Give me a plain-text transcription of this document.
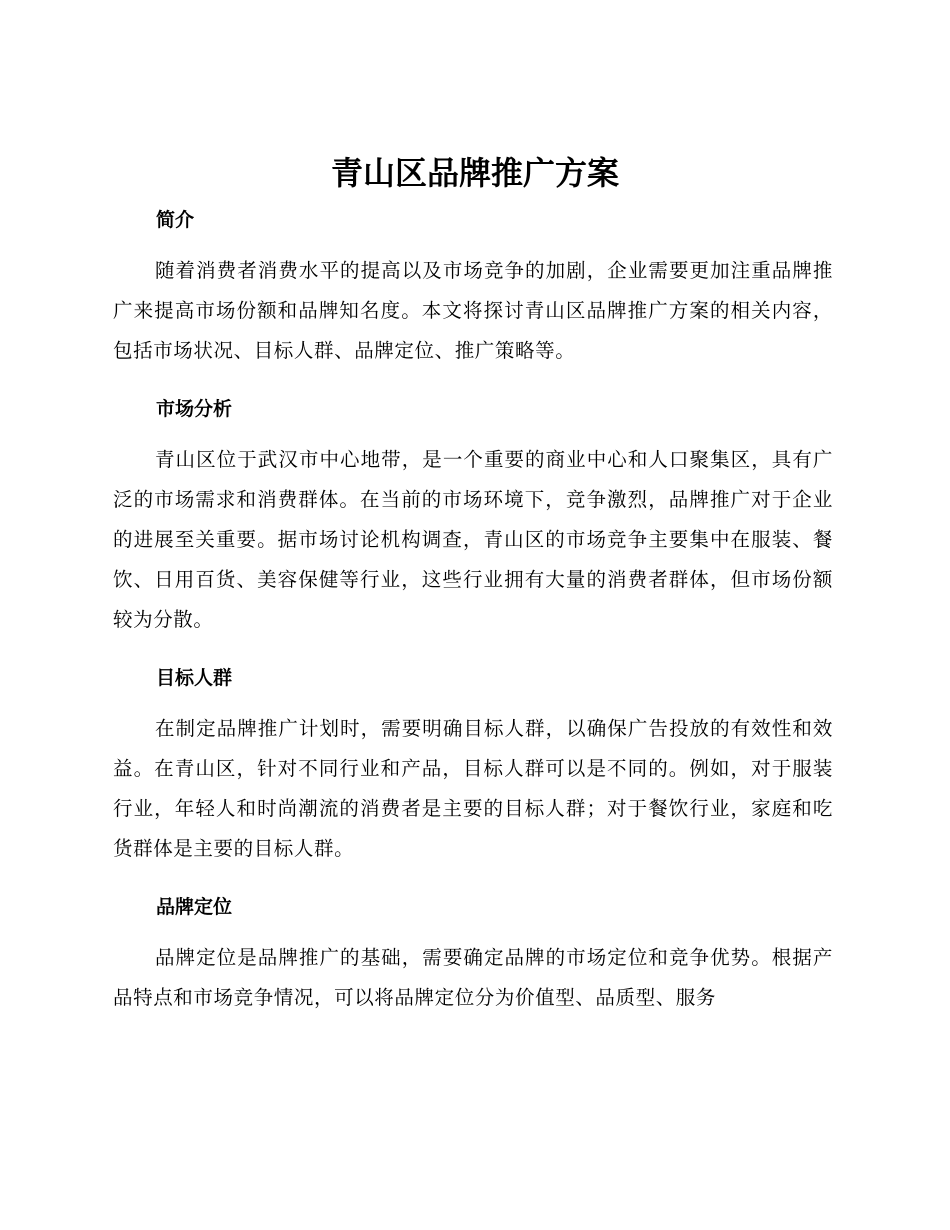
青山区品牌推广方案
简介

随着消费者消费水平的提高以及市场竞争的加剧，企业需要更加注重品牌推广来提高市场份额和品牌知名度。本文将探讨青山区品牌推广方案的相关内容，包括市场状况、目标人群、品牌定位、推广策略等。

市场分析

青山区位于武汉市中心地带，是一个重要的商业中心和人口聚集区，具有广泛的市场需求和消费群体。在当前的市场环境下，竞争激烈，品牌推广对于企业的进展至关重要。据市场讨论机构调查，青山区的市场竞争主要集中在服装、餐饮、日用百货、美容保健等行业，这些行业拥有大量的消费者群体，但市场份额较为分散。

目标人群

在制定品牌推广计划时，需要明确目标人群，以确保广告投放的有效性和效益。在青山区，针对不同行业和产品，目标人群可以是不同的。例如，对于服装行业，年轻人和时尚潮流的消费者是主要的目标人群；对于餐饮行业，家庭和吃货群体是主要的目标人群。

品牌定位

品牌定位是品牌推广的基础，需要确定品牌的市场定位和竞争优势。根据产品特点和市场竞争情况，可以将品牌定位分为价值型、品质型、服务
